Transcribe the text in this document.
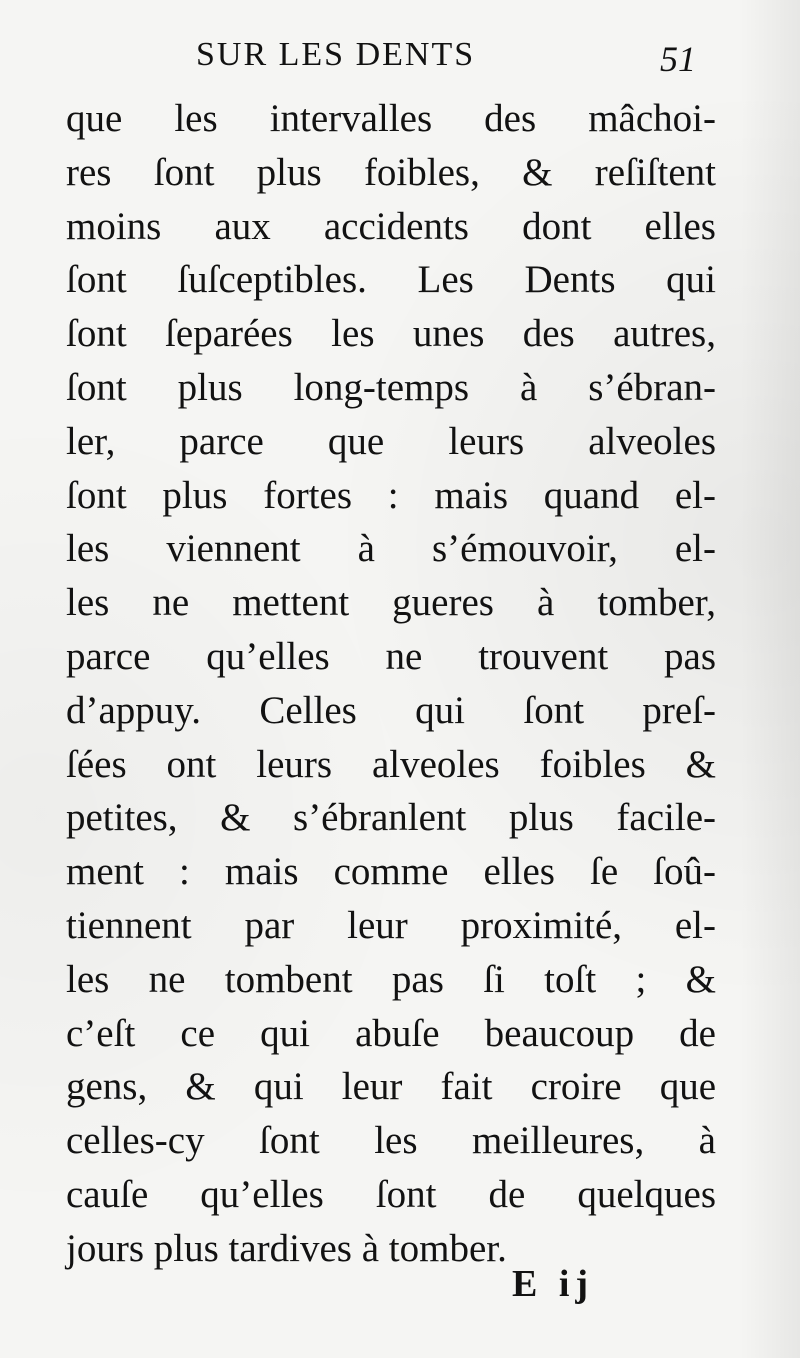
SUR LES DENTS	51
que les intervalles des mâchoi-
res ſont plus foibles, & reſiſtent
moins aux accidents dont elles
ſont ſuſceptibles. Les Dents qui
ſont ſeparées les unes des autres,
ſont plus long-temps à s’ébran-
ler, parce que leurs alveoles
ſont plus fortes : mais quand el-
les viennent à s’émouvoir, el-
les ne mettent gueres à tomber,
parce qu’elles ne trouvent pas
d’appuy. Celles qui ſont preſ-
ſées ont leurs alveoles foibles &
petites, & s’ébranlent plus facile-
ment : mais comme elles ſe ſoû-
tiennent par leur proximité, el-
les ne tombent pas ſi toſt ; &
c’eſt ce qui abuſe beaucoup de
gens, & qui leur fait croire que
celles-cy ſont les meilleures, à
cauſe qu’elles ſont de quelques
jours plus tardives à tomber.
E ij
